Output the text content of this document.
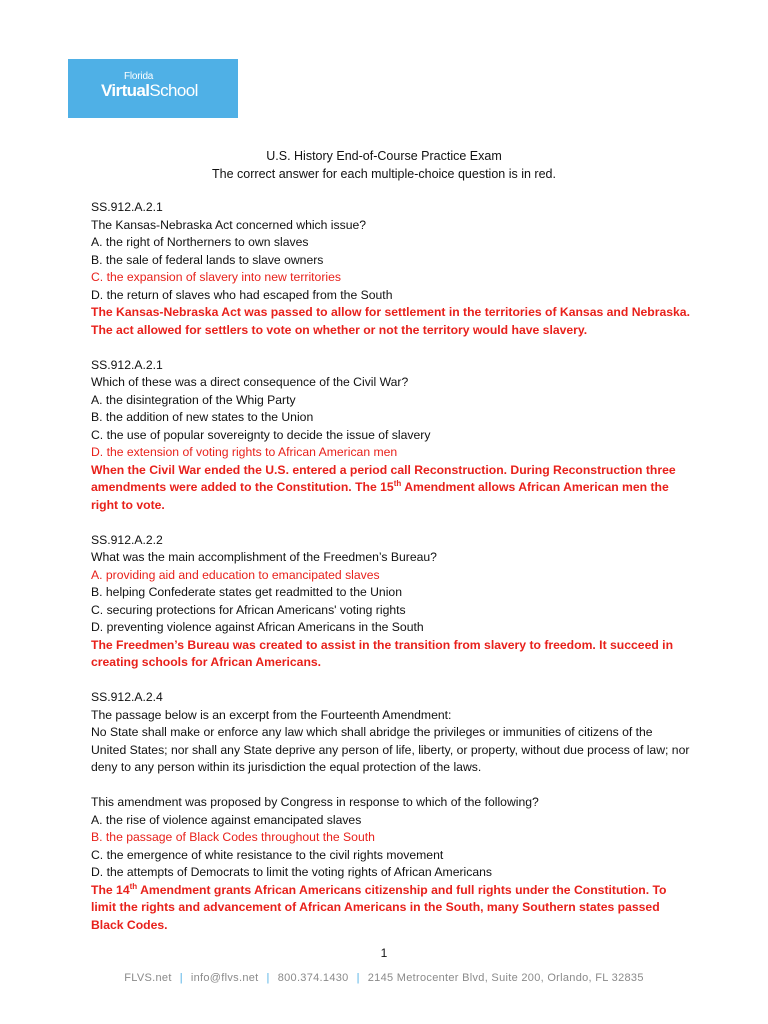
Florida
VirtualSchool
U.S. History End-of-Course Practice Exam
The correct answer for each multiple-choice question is in red.
SS.912.A.2.1
The Kansas-Nebraska Act concerned which issue?
A. the right of Northerners to own slaves
B. the sale of federal lands to slave owners
C. the expansion of slavery into new territories
D. the return of slaves who had escaped from the South
The Kansas-Nebraska Act was passed to allow for settlement in the territories of Kansas and Nebraska. The act allowed for settlers to vote on whether or not the territory would have slavery.
SS.912.A.2.1
Which of these was a direct consequence of the Civil War?
A. the disintegration of the Whig Party
B. the addition of new states to the Union
C. the use of popular sovereignty to decide the issue of slavery
D. the extension of voting rights to African American men
When the Civil War ended the U.S. entered a period call Reconstruction. During Reconstruction three amendments were added to the Constitution. The 15th Amendment allows African American men the right to vote.
SS.912.A.2.2
What was the main accomplishment of the Freedmen’s Bureau?
A. providing aid and education to emancipated slaves
B. helping Confederate states get readmitted to the Union
C. securing protections for African Americans' voting rights
D. preventing violence against African Americans in the South
The Freedmen’s Bureau was created to assist in the transition from slavery to freedom. It succeed in creating schools for African Americans.
SS.912.A.2.4
The passage below is an excerpt from the Fourteenth Amendment:
No State shall make or enforce any law which shall abridge the privileges or immunities of citizens of the United States; nor shall any State deprive any person of life, liberty, or property, without due process of law; nor deny to any person within its jurisdiction the equal protection of the laws.
This amendment was proposed by Congress in response to which of the following?
A. the rise of violence against emancipated slaves
B. the passage of Black Codes throughout the South
C. the emergence of white resistance to the civil rights movement
D. the attempts of Democrats to limit the voting rights of African Americans
The 14th Amendment grants African Americans citizenship and full rights under the Constitution. To limit the rights and advancement of African Americans in the South, many Southern states passed Black Codes.
1
FLVS.net | info@flvs.net | 800.374.1430 | 2145 Metrocenter Blvd, Suite 200, Orlando, FL 32835
